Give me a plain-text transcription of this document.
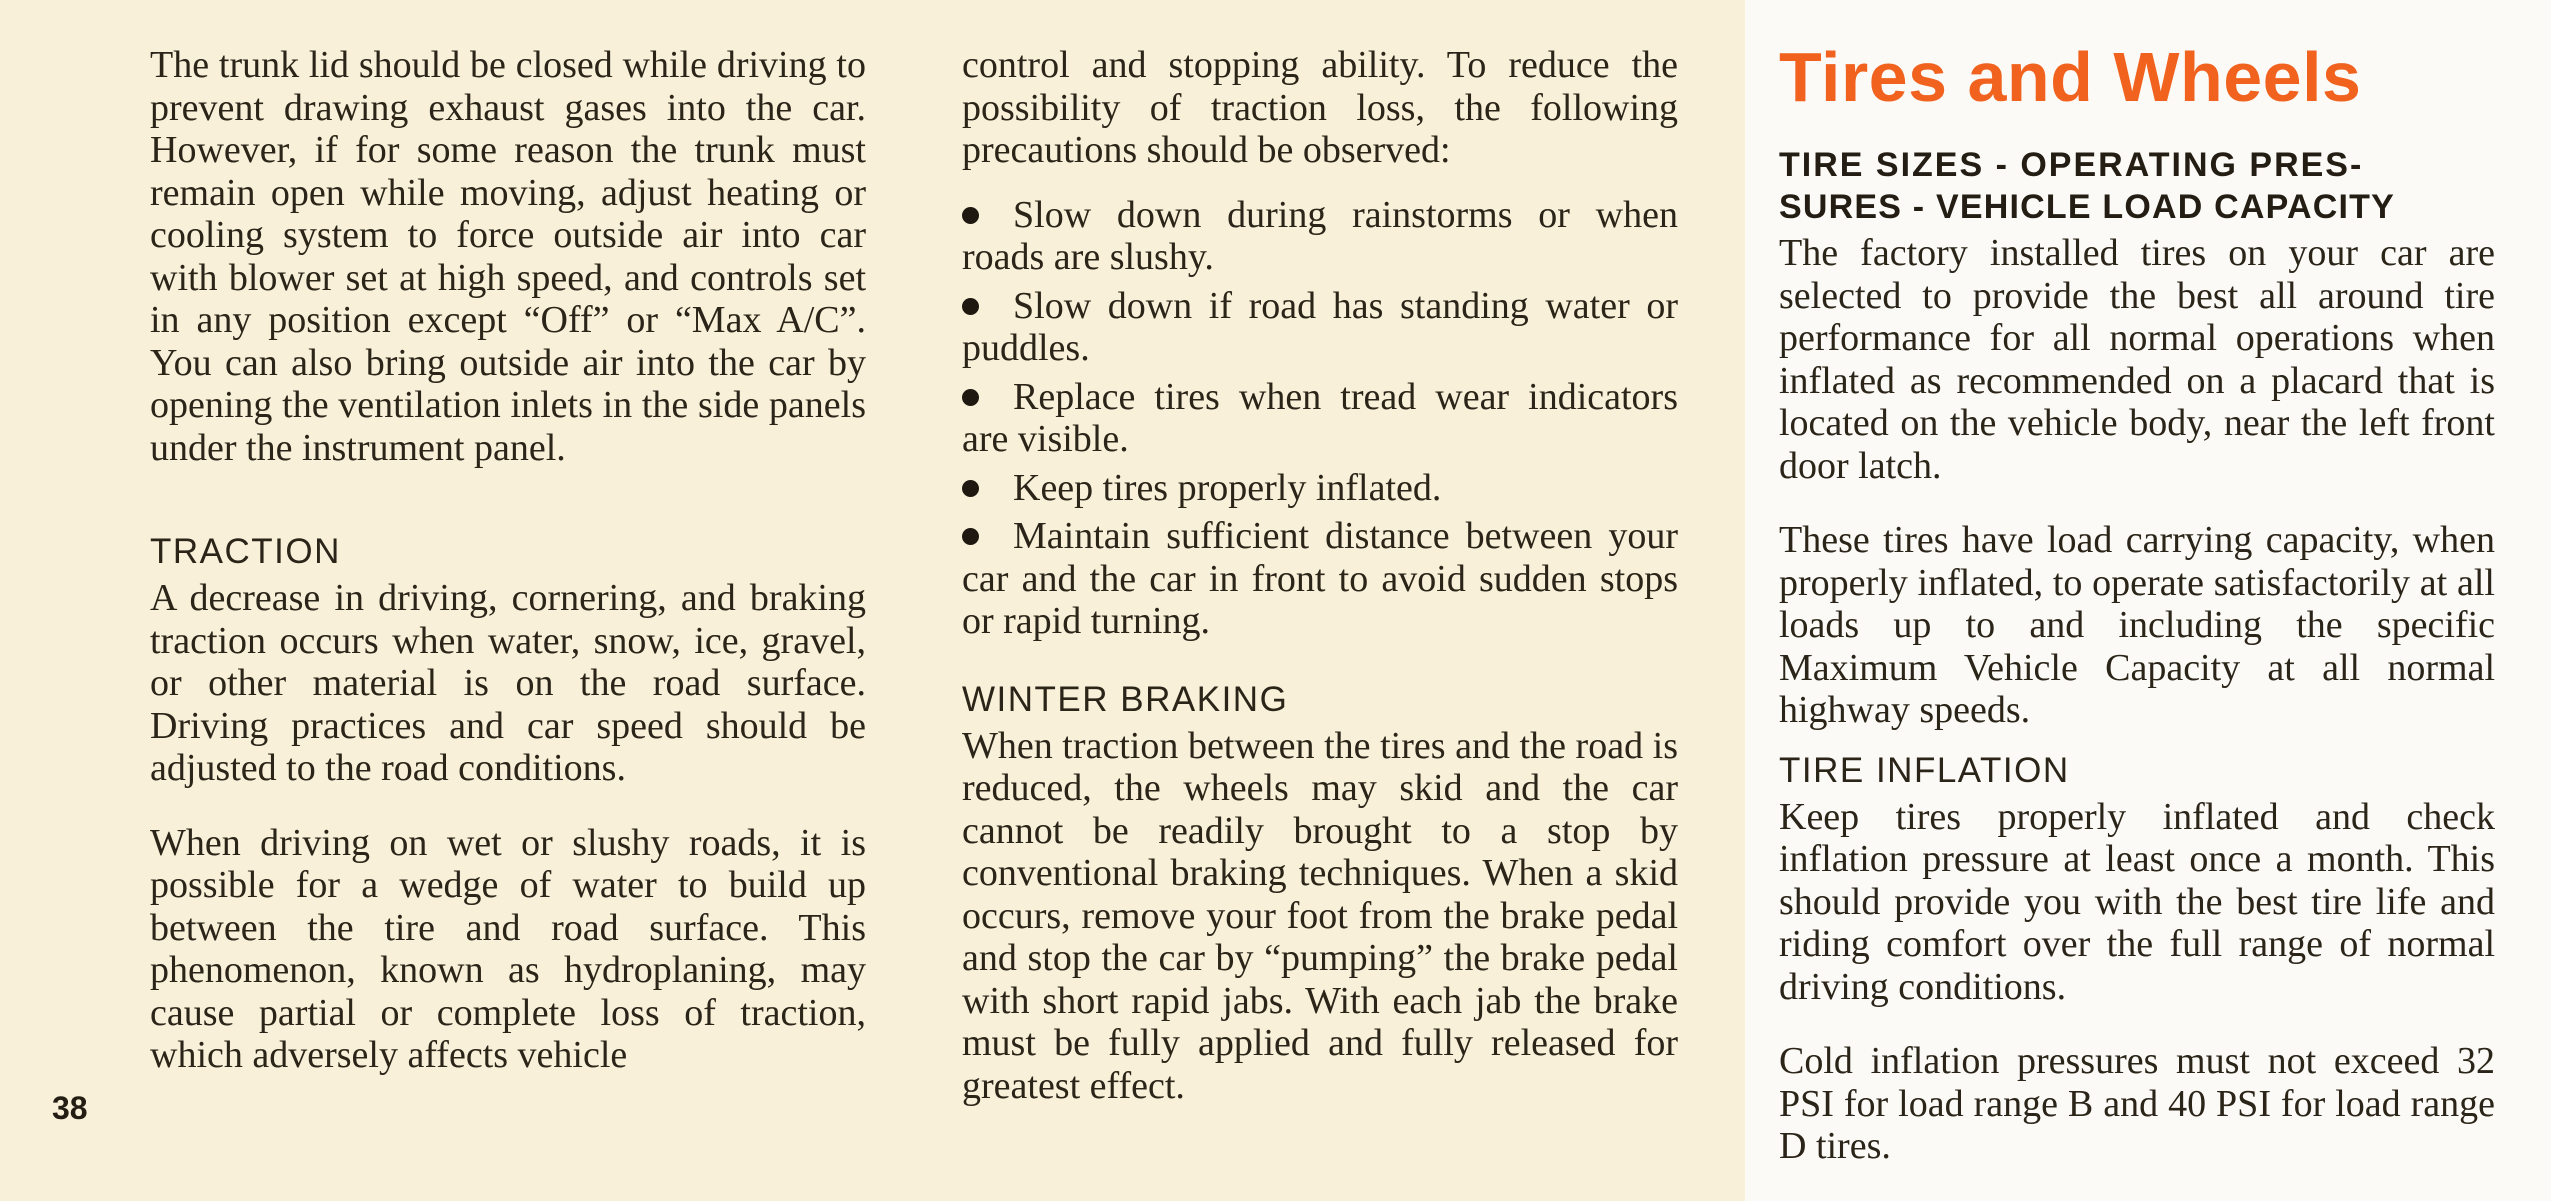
The trunk lid should be closed while driving to prevent drawing exhaust gases into the car. However, if for some reason the trunk must remain open while moving, adjust heating or cooling system to force outside air into car with blower set at high speed, and controls set in any position except “Off” or “Max A/C”. You can also bring outside air into the car by opening the ventilation inlets in the side panels under the instrument panel.

TRACTION

A decrease in driving, cornering, and braking traction occurs when water, snow, ice, gravel, or other material is on the road surface. Driving practices and car speed should be adjusted to the road conditions.

When driving on wet or slushy roads, it is possible for a wedge of water to build up between the tire and road surface. This phenomenon, known as hydroplaning, may cause partial or complete loss of traction, which adversely affects vehicle

control and stopping ability. To reduce the possibility of traction loss, the following precautions should be observed:

Slow down during rainstorms or when roads are slushy.
Slow down if road has standing water or puddles.
Replace tires when tread wear indicators are visible.
Keep tires properly inflated.
Maintain sufficient distance between your car and the car in front to avoid sudden stops or rapid turning.
WINTER BRAKING

When traction between the tires and the road is reduced, the wheels may skid and the car cannot be readily brought to a stop by conventional braking techniques. When a skid occurs, remove your foot from the brake pedal and stop the car by “pumping” the brake pedal with short rapid jabs. With each jab the brake must be fully applied and fully released for greatest effect.

Tires and Wheels
TIRE SIZES - OPERATING PRES-
SURES - VEHICLE LOAD CAPACITY

The factory installed tires on your car are selected to provide the best all around tire performance for all normal operations when inflated as recommended on a placard that is located on the vehicle body, near the left front door latch.

These tires have load carrying capacity, when properly inflated, to operate satisfactorily at all loads up to and including the specific Maximum Vehicle Capacity at all normal highway speeds.

TIRE INFLATION

Keep tires properly inflated and check inflation pressure at least once a month. This should provide you with the best tire life and riding comfort over the full range of normal driving conditions.

Cold inflation pressures must not exceed 32 PSI for load range B and 40 PSI for load range D tires.

38
